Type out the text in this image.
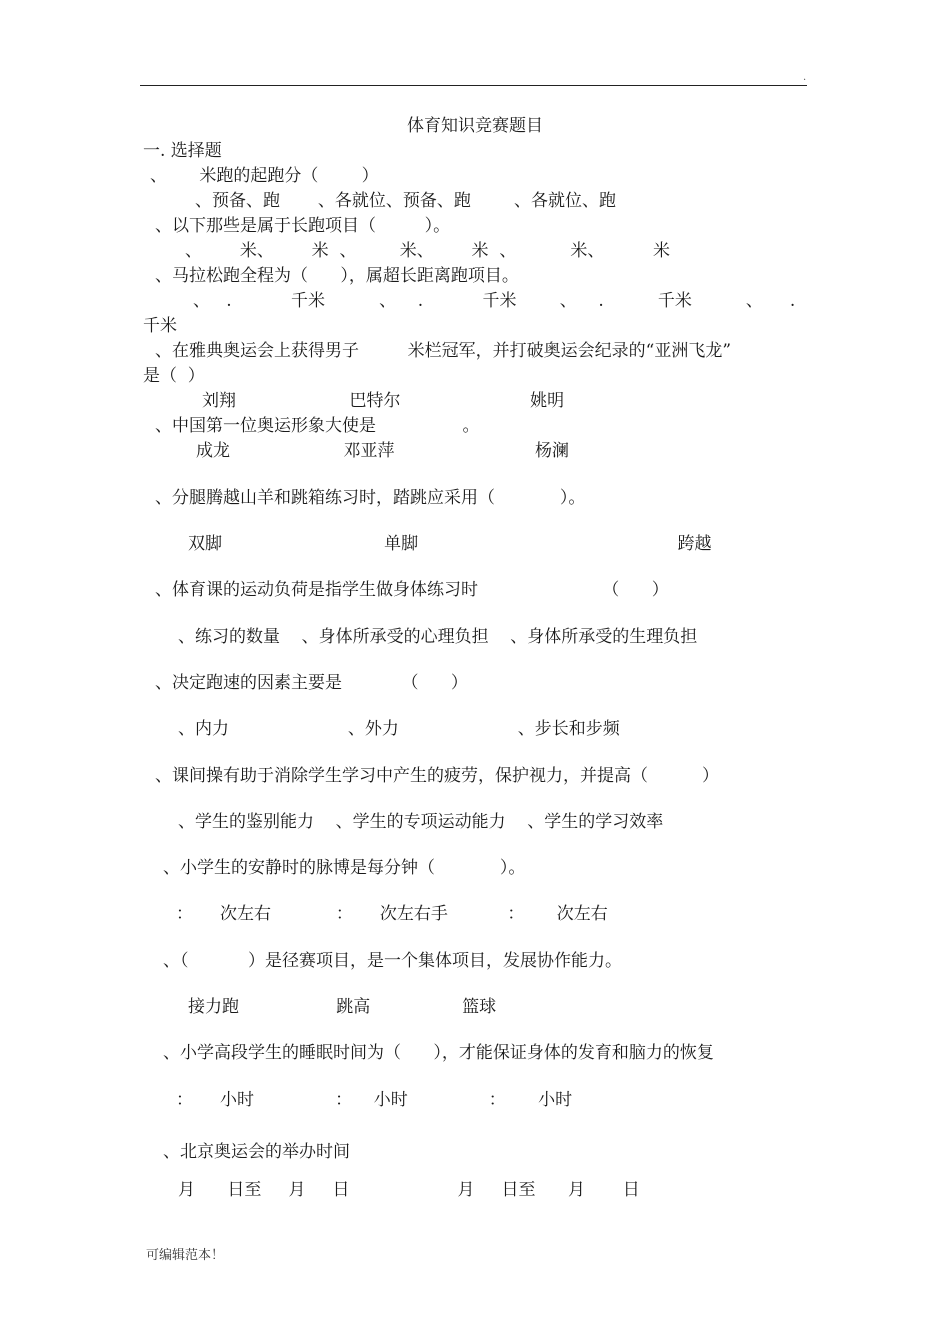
.
体育知识竞赛题目
一. 选择题
、      米跑的起跑分（        ）
、预备、跑       、各就位、预备、跑        、各就位、跑
、以下那些是属于长跑项目（         ）。
、       米、       米  、        米、       米  、          米、         米
、马拉松跑全程为（      ），属超长距离跑项目。
、   .           千米          、    .           千米        、    .          千米          、     .
千米
、在雅典奥运会上获得男子         米栏冠军，并打破奥运会纪录的“亚洲飞龙”
是（  ）
刘翔                     巴特尔                        姚明
、中国第一位奥运形象大使是                。
成龙                     邓亚萍                          杨澜
、分腿腾越山羊和跳箱练习时，踏跳应采用（            ）。
双脚                              单脚                                                跨越
、体育课的运动负荷是指学生做身体练习时                       （      ）
、练习的数量    、身体所承受的心理负担    、身体所承受的生理负担
、决定跑速的因素主要是           （      ）
、内力                      、外力                      、步长和步频
、课间操有助于消除学生学习中产生的疲劳，保护视力，并提高（          ）
、学生的鉴别能力    、学生的专项运动能力    、学生的学习效率
、小学生的安静时的脉博是每分钟（            ）。
：     次左右            ：     次左右手           ：      次左右
、（           ）是径赛项目，是一个集体项目，发展协作能力。
接力跑                  跳高                 篮球
、小学高段学生的睡眠时间为（      ），才能保证身体的发育和脑力的恢复
：     小时               ：    小时               ：      小时
、北京奥运会的举办时间
月      日至     月     日                    月     日至      月       日
可编辑范本！
